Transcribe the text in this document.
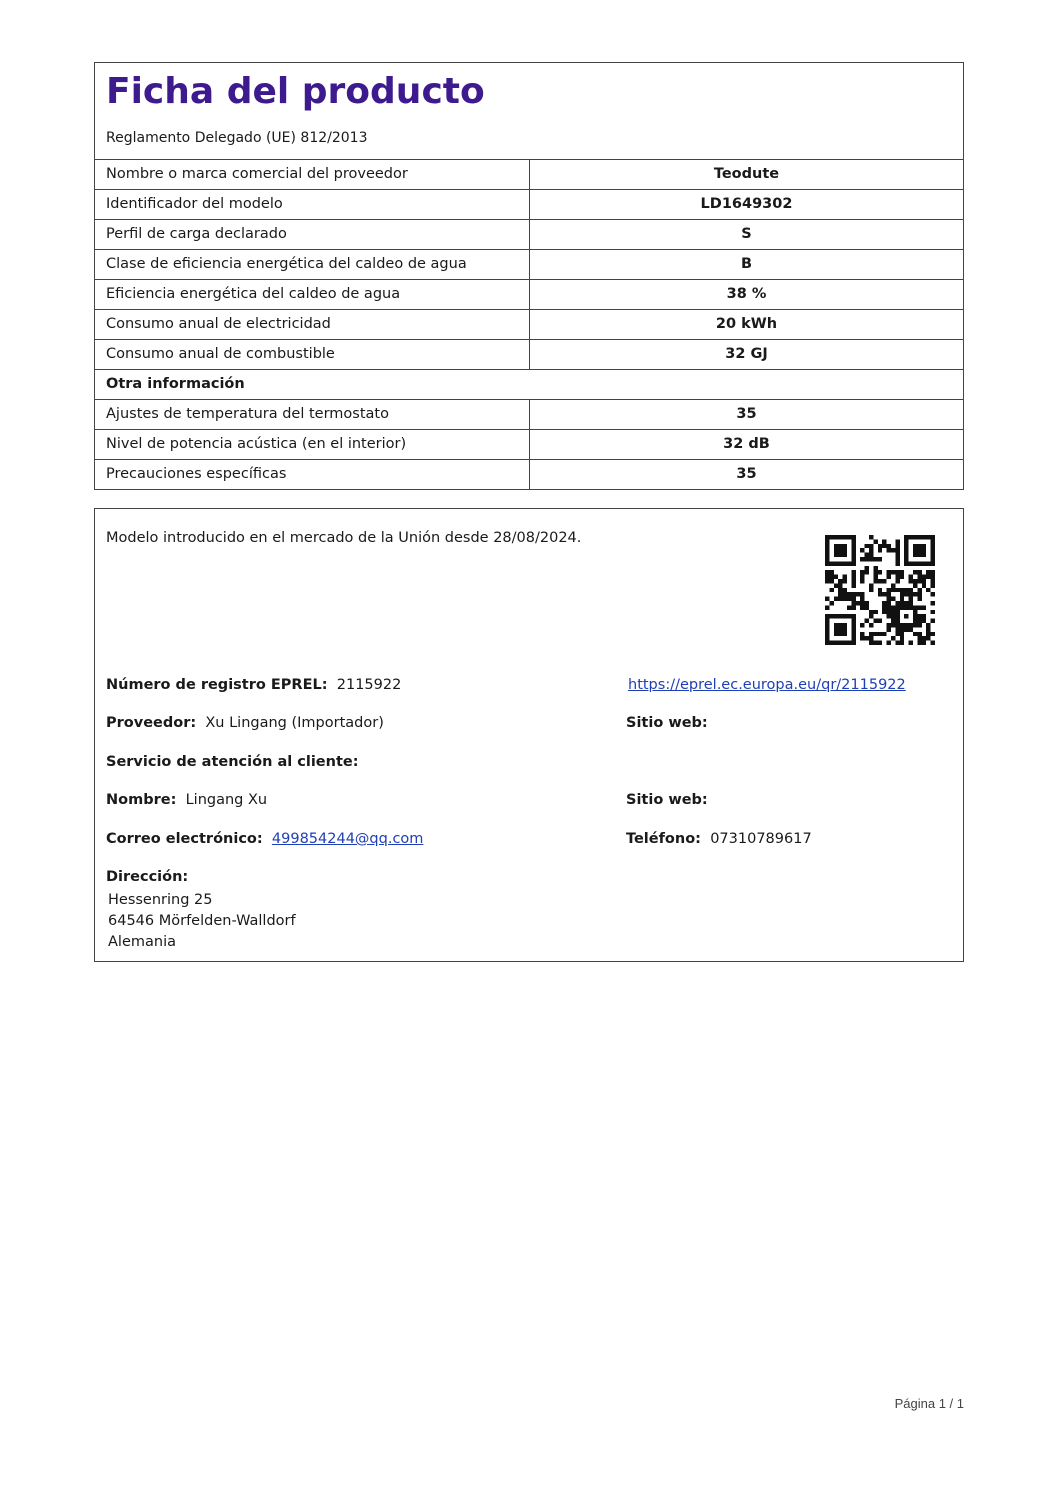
Ficha del producto
Reglamento Delegado (UE) 812/2013
Nombre o marca comercial del proveedor	Teodute
Identificador del modelo	LD1649302
Perfil de carga declarado	S
Clase de eficiencia energética del caldeo de agua	B
Eficiencia energética del caldeo de agua	38 %
Consumo anual de electricidad	20 kWh
Consumo anual de combustible	32 GJ
Otra información	
Ajustes de temperatura del termostato	35
Nivel de potencia acústica (en el interior)	32 dB
Precauciones específicas	35
Modelo introducido en el mercado de la Unión desde 28/08/2024.
Número de registro EPREL: 2115922	https://eprel.ec.europa.eu/qr/2115922
Proveedor: Xu Lingang (Importador)	Sitio web:
Servicio de atención al cliente:
Nombre: Lingang Xu	Sitio web:
Correo electrónico: 499854244@qq.com	Teléfono: 07310789617
Dirección:
Hessenring 25
64546 Mörfelden-Walldorf
Alemania
Página 1 / 1
